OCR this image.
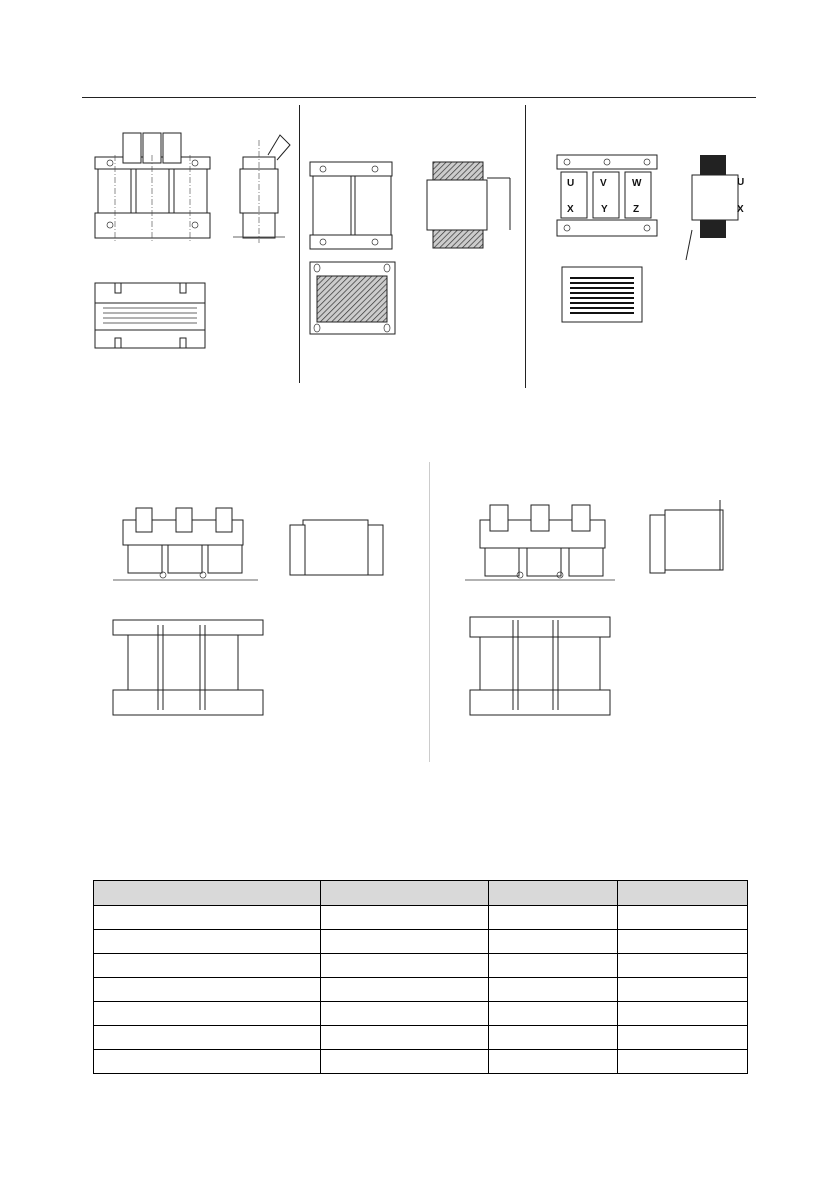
U	V	W
X	Y	Z
U
X
